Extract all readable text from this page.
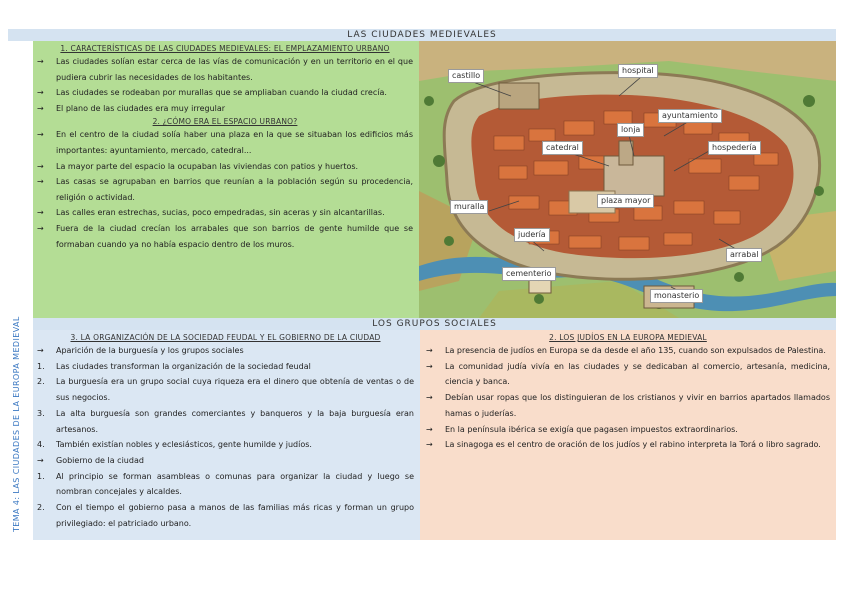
LAS CIUDADES MEDIEVALES
TEMA 4: LAS CIUDADES DE LA EUROPA MEDIEVAL

1. CARACTERÍSTICAS DE LAS CIUDADES MEDIEVALES: EL EMPLAZAMIENTO URBANO

→	Las ciudades solían estar cerca de las vías de comunicación y en un territorio en el que pudiera cubrir las necesidades de los habitantes.
→	Las ciudades se rodeaban por murallas que se ampliaban cuando la ciudad crecía.
→	El plano de las ciudades era muy irregular

2. ¿CÓMO ERA EL ESPACIO URBANO?

→	En el centro de la ciudad solía haber una plaza en la que se situaban los edificios más importantes: ayuntamiento, mercado, catedral...
→	La mayor parte del espacio la ocupaban las viviendas con patios y huertos.
→	Las casas se agrupaban en barrios que reunían a la población según su procedencia, religión o actividad.
→	Las calles eran estrechas, sucias, poco empedradas, sin aceras y sin alcantarillas.
→	Fuera de la ciudad crecían los arrabales que son barrios de gente humilde que se formaban cuando ya no había espacio dentro de los muros.
castillo
hospital
ayuntamiento
lonja
catedral	hospedería
plaza mayor
muralla
judería
arrabal
cementerio
monasterio
LOS GRUPOS SOCIALES

3. LA ORGANIZACIÓN DE LA SOCIEDAD FEUDAL Y EL GOBIERNO DE LA CIUDAD

→	Aparición de la burguesía y los grupos sociales
1.	Las ciudades transforman la organización de la sociedad feudal
2.	La burguesía era un grupo social cuya riqueza era el dinero que obtenía de ventas o de sus negocios.
3.	La alta burguesía son grandes comerciantes y banqueros y la baja burguesía eran artesanos.
4.	También existían nobles y eclesiásticos, gente humilde y judíos.
→	Gobierno de la ciudad
1.	Al principio se forman asambleas o comunas para organizar la ciudad y luego se nombran concejales y alcaldes.
2.	Con el tiempo el gobierno pasa a manos de las familias más ricas y forman un grupo privilegiado: el patriciado urbano.

2. LOS JUDÍOS EN LA EUROPA MEDIEVAL

→	La presencia de judíos en Europa se da desde el año 135, cuando son expulsados de Palestina.
→	La comunidad judía vivía en las ciudades y se dedicaban al comercio, artesanía, medicina, ciencia y banca.
→	Debían usar ropas que los distinguieran de los cristianos y vivir en barrios apartados llamados hamas o juderías.
→	En la península ibérica se exigía que pagasen impuestos extraordinarios.
→	La sinagoga es el centro de oración de los judíos y el rabino interpreta la Torá o libro sagrado.
